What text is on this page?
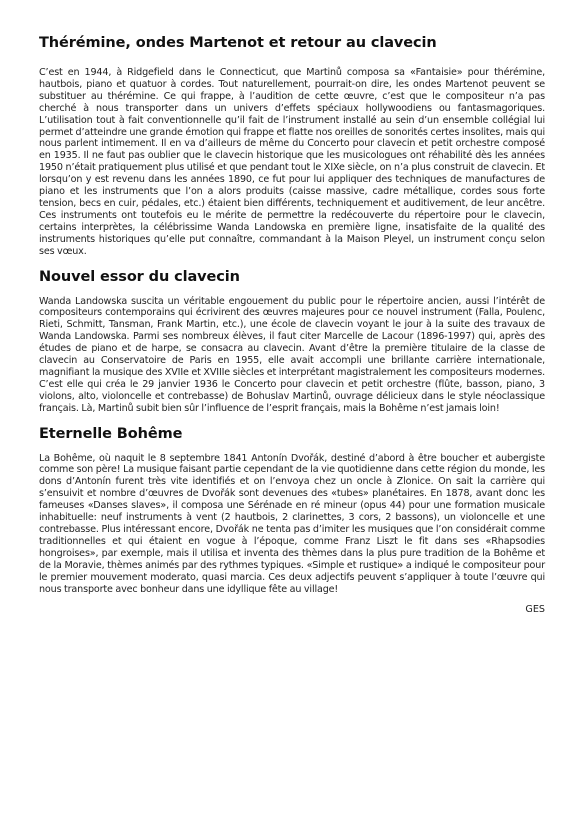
Thérémine, ondes Martenot et retour au clavecin

C’est en 1944, à Ridgefield dans le Connecticut, que Martinů composa sa «Fantaisie» pour thérémine, hautbois, piano et quatuor à cordes. Tout naturellement, pourrait-on dire, les ondes Martenot peuvent se substituer au thérémine. Ce qui frappe, à l’audition de cette œuvre, c’est que le compositeur n’a pas cherché à nous transporter dans un univers d’effets spéciaux hollywoodiens ou fantasmagoriques. L’utilisation tout à fait conventionnelle qu’il fait de l’instrument installé au sein d’un ensemble collégial lui permet d’atteindre une grande émotion qui frappe et flatte nos oreilles de sonorités certes insolites, mais qui nous parlent intimement. Il en va d’ailleurs de même du Concerto pour clavecin et petit orchestre composé en 1935. Il ne faut pas oublier que le clavecin historique que les musicologues ont réhabilité dès les années 1950 n’était pratiquement plus utilisé et que pendant tout le XIXe siècle, on n’a plus construit de clavecin. Et lorsqu’on y est revenu dans les années 1890, ce fut pour lui appliquer des techniques de manufactures de piano et les instruments que l’on a alors produits (caisse massive, cadre métallique, cordes sous forte tension, becs en cuir, pédales, etc.) étaient bien différents, techniquement et auditivement, de leur ancêtre. Ces instruments ont toutefois eu le mérite de permettre la redécouverte du répertoire pour le clavecin, certains interprètes, la célébrissime Wanda Landowska en première ligne, insatisfaite de la qualité des instruments historiques qu’elle put connaître, commandant à la Maison Pleyel, un instrument conçu selon ses vœux.

Nouvel essor du clavecin

Wanda Landowska suscita un véritable engouement du public pour le répertoire ancien, aussi l’intérêt de compositeurs contemporains qui écrivirent des œuvres majeures pour ce nouvel instrument (Falla, Poulenc, Rieti, Schmitt, Tansman, Frank Martin, etc.), une école de clavecin voyant le jour à la suite des travaux de Wanda Landowska. Parmi ses nombreux élèves, il faut citer Marcelle de Lacour (1896-1997) qui, après des études de piano et de harpe, se consacra au clavecin. Avant d’être la première titulaire de la classe de clavecin au Conservatoire de Paris en 1955, elle avait accompli une brillante carrière internationale, magnifiant la musique des XVIIe et XVIIIe siècles et interprétant magistralement les compositeurs modernes. C’est elle qui créa le 29 janvier 1936 le Concerto pour clavecin et petit orchestre (flûte, basson, piano, 3 violons, alto, violoncelle et contrebasse) de Bohuslav Martinů, ouvrage délicieux dans le style néoclassique français. Là, Martinů subit bien sûr l’influence de l’esprit français, mais la Bohême n’est jamais loin!

Eternelle Bohême

La Bohême, où naquit le 8 septembre 1841 Antonín Dvořák, destiné d’abord à être boucher et aubergiste comme son père! La musique faisant partie cependant de la vie quotidienne dans cette région du monde, les dons d’Antonín furent très vite identifiés et on l’envoya chez un oncle à Zlonice. On sait la carrière qui s’ensuivit et nombre d’œuvres de Dvořák sont devenues des «tubes» planétaires. En 1878, avant donc les fameuses «Danses slaves», il composa une Sérénade en ré mineur (opus 44) pour une formation musicale inhabituelle: neuf instruments à vent (2 hautbois, 2 clarinettes, 3 cors, 2 bassons), un violoncelle et une contrebasse. Plus intéressant encore, Dvořák ne tenta pas d’imiter les musiques que l’on considérait comme traditionnelles et qui étaient en vogue à l’époque, comme Franz Liszt le fit dans ses «Rhapsodies hongroises», par exemple, mais il utilisa et inventa des thèmes dans la plus pure tradition de la Bohême et de la Moravie, thèmes animés par des rythmes typiques. «Simple et rustique» a indiqué le compositeur pour le premier mouvement moderato, quasi marcia. Ces deux adjectifs peuvent s’appliquer à toute l’œuvre qui nous transporte avec bonheur dans une idyllique fête au village!

GES
